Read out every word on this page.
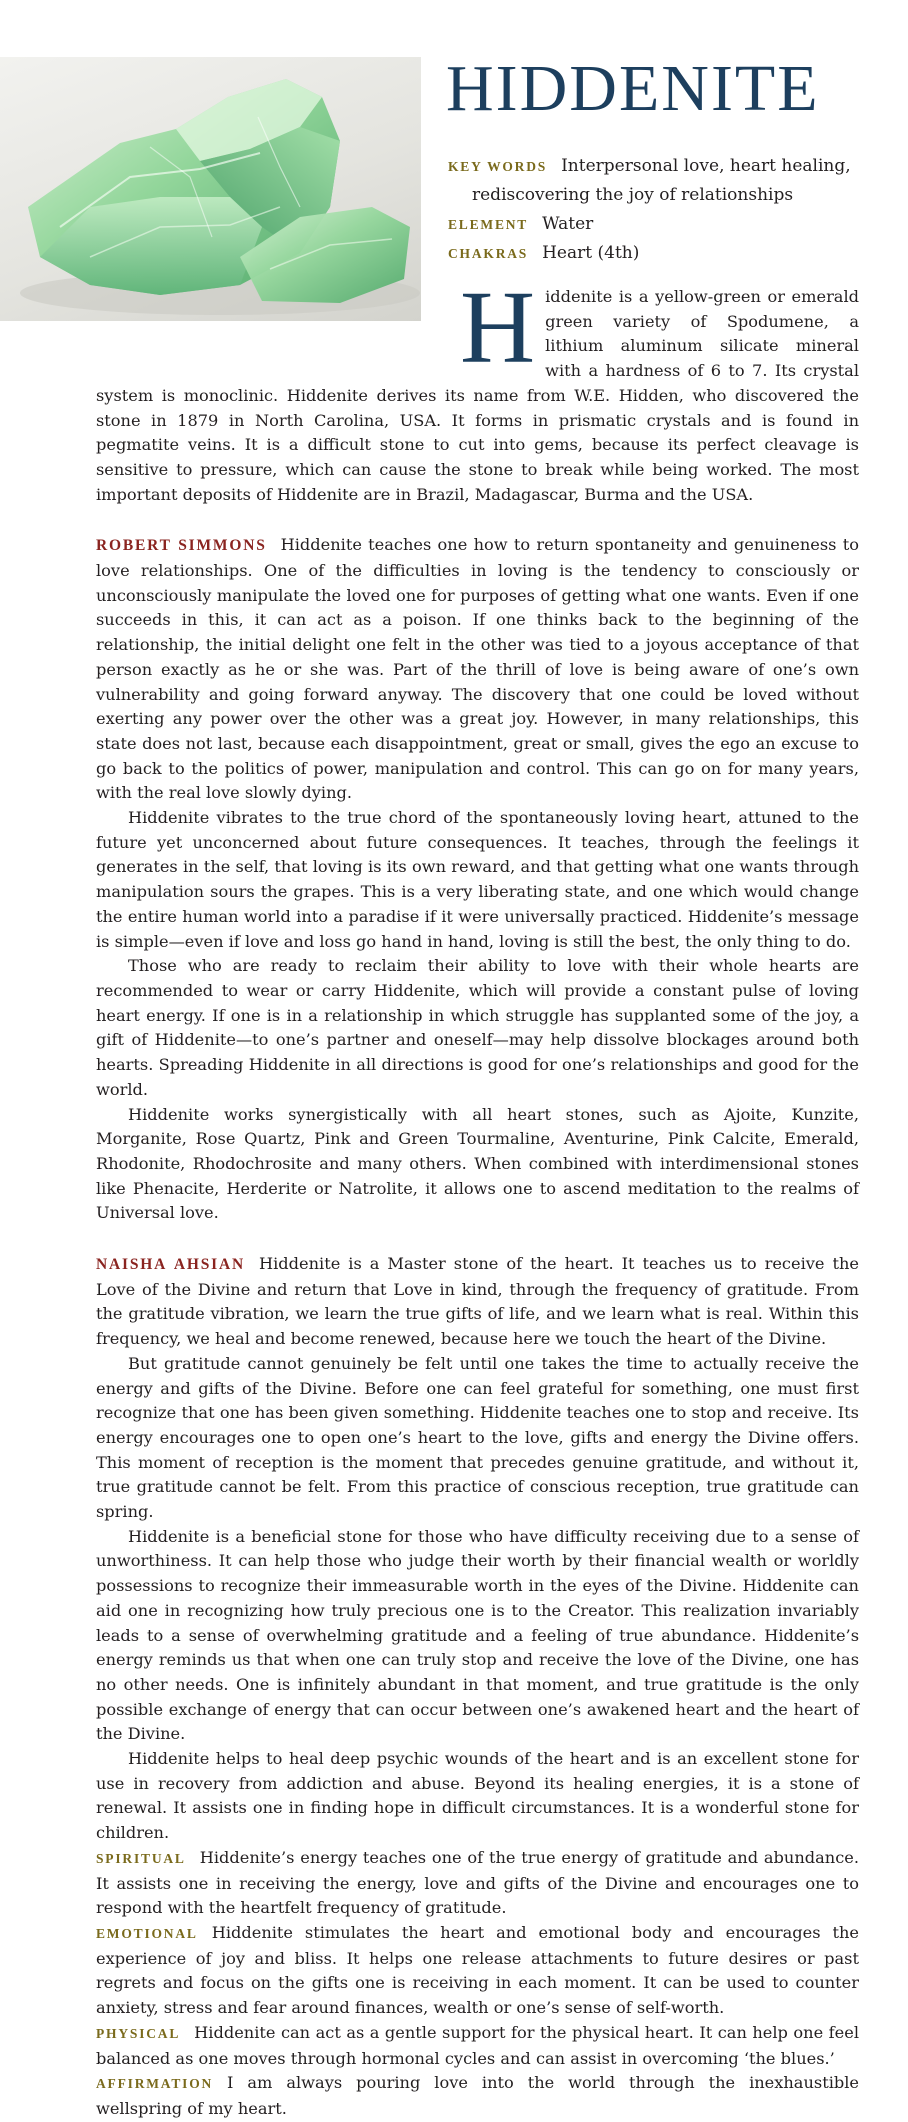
HIDDENITE

KEY WORDS Interpersonal love, heart healing, rediscovering the joy of relationships

ELEMENT Water

CHAKRAS Heart (4th)

Hiddenite is a yellow-green or emerald green variety of Spodumene, a lithium aluminum silicate mineral with a hardness of 6 to 7. Its crystal system is monoclinic. Hiddenite derives its name from W.E. Hidden, who discovered the stone in 1879 in North Carolina, USA. It forms in prismatic crystals and is found in pegmatite veins. It is a difficult stone to cut into gems, because its perfect cleavage is sensitive to pressure, which can cause the stone to break while being worked. The most important deposits of Hiddenite are in Brazil, Madagascar, Burma and the USA.

ROBERT SIMMONS Hiddenite teaches one how to return spontaneity and genuineness to love relationships. One of the difficulties in loving is the tendency to consciously or unconsciously manipulate the loved one for purposes of getting what one wants. Even if one succeeds in this, it can act as a poison. If one thinks back to the beginning of the relationship, the initial delight one felt in the other was tied to a joyous acceptance of that person exactly as he or she was. Part of the thrill of love is being aware of one’s own vulnerability and going forward anyway. The discovery that one could be loved without exerting any power over the other was a great joy. However, in many relationships, this state does not last, because each disappointment, great or small, gives the ego an excuse to go back to the politics of power, manipulation and control. This can go on for many years, with the real love slowly dying.

Hiddenite vibrates to the true chord of the spontaneously loving heart, attuned to the future yet unconcerned about future consequences. It teaches, through the feelings it generates in the self, that loving is its own reward, and that getting what one wants through manipulation sours the grapes. This is a very liberating state, and one which would change the entire human world into a paradise if it were universally practiced. Hiddenite’s message is simple—even if love and loss go hand in hand, loving is still the best, the only thing to do.

Those who are ready to reclaim their ability to love with their whole hearts are recommended to wear or carry Hiddenite, which will provide a constant pulse of loving heart energy. If one is in a relationship in which struggle has supplanted some of the joy, a gift of Hiddenite—to one’s partner and oneself—may help dissolve blockages around both hearts. Spreading Hiddenite in all directions is good for one’s relationships and good for the world.

Hiddenite works synergistically with all heart stones, such as Ajoite, Kunzite, Morganite, Rose Quartz, Pink and Green Tourmaline, Aventurine, Pink Calcite, Emerald, Rhodonite, Rhodochrosite and many others. When combined with interdimensional stones like Phenacite, Herderite or Natrolite, it allows one to ascend meditation to the realms of Universal love.

NAISHA AHSIAN Hiddenite is a Master stone of the heart. It teaches us to receive the Love of the Divine and return that Love in kind, through the frequency of gratitude. From the gratitude vibration, we learn the true gifts of life, and we learn what is real. Within this frequency, we heal and become renewed, because here we touch the heart of the Divine.

But gratitude cannot genuinely be felt until one takes the time to actually receive the energy and gifts of the Divine. Before one can feel grateful for something, one must first recognize that one has been given something. Hiddenite teaches one to stop and receive. Its energy encourages one to open one’s heart to the love, gifts and energy the Divine offers. This moment of reception is the moment that precedes genuine gratitude, and without it, true gratitude cannot be felt. From this practice of conscious reception, true gratitude can spring.

Hiddenite is a beneficial stone for those who have difficulty receiving due to a sense of unworthiness. It can help those who judge their worth by their financial wealth or worldly possessions to recognize their immeasurable worth in the eyes of the Divine. Hiddenite can aid one in recognizing how truly precious one is to the Creator. This realization invariably leads to a sense of overwhelming gratitude and a feeling of true abundance. Hiddenite’s energy reminds us that when one can truly stop and receive the love of the Divine, one has no other needs. One is infinitely abundant in that moment, and true gratitude is the only possible exchange of energy that can occur between one’s awakened heart and the heart of the Divine.

Hiddenite helps to heal deep psychic wounds of the heart and is an excellent stone for use in recovery from addiction and abuse. Beyond its healing energies, it is a stone of renewal. It assists one in finding hope in difficult circumstances. It is a wonderful stone for children.

SPIRITUAL Hiddenite’s energy teaches one of the true energy of gratitude and abundance. It assists one in receiving the energy, love and gifts of the Divine and encourages one to respond with the heartfelt frequency of gratitude.

EMOTIONAL Hiddenite stimulates the heart and emotional body and encourages the experience of joy and bliss. It helps one release attachments to future desires or past regrets and focus on the gifts one is receiving in each moment. It can be used to counter anxiety, stress and fear around finances, wealth or one’s sense of self-worth.

PHYSICAL Hiddenite can act as a gentle support for the physical heart. It can help one feel balanced as one moves through hormonal cycles and can assist in overcoming ‘the blues.’

AFFIRMATION I am always pouring love into the world through the inexhaustible wellspring of my heart.
